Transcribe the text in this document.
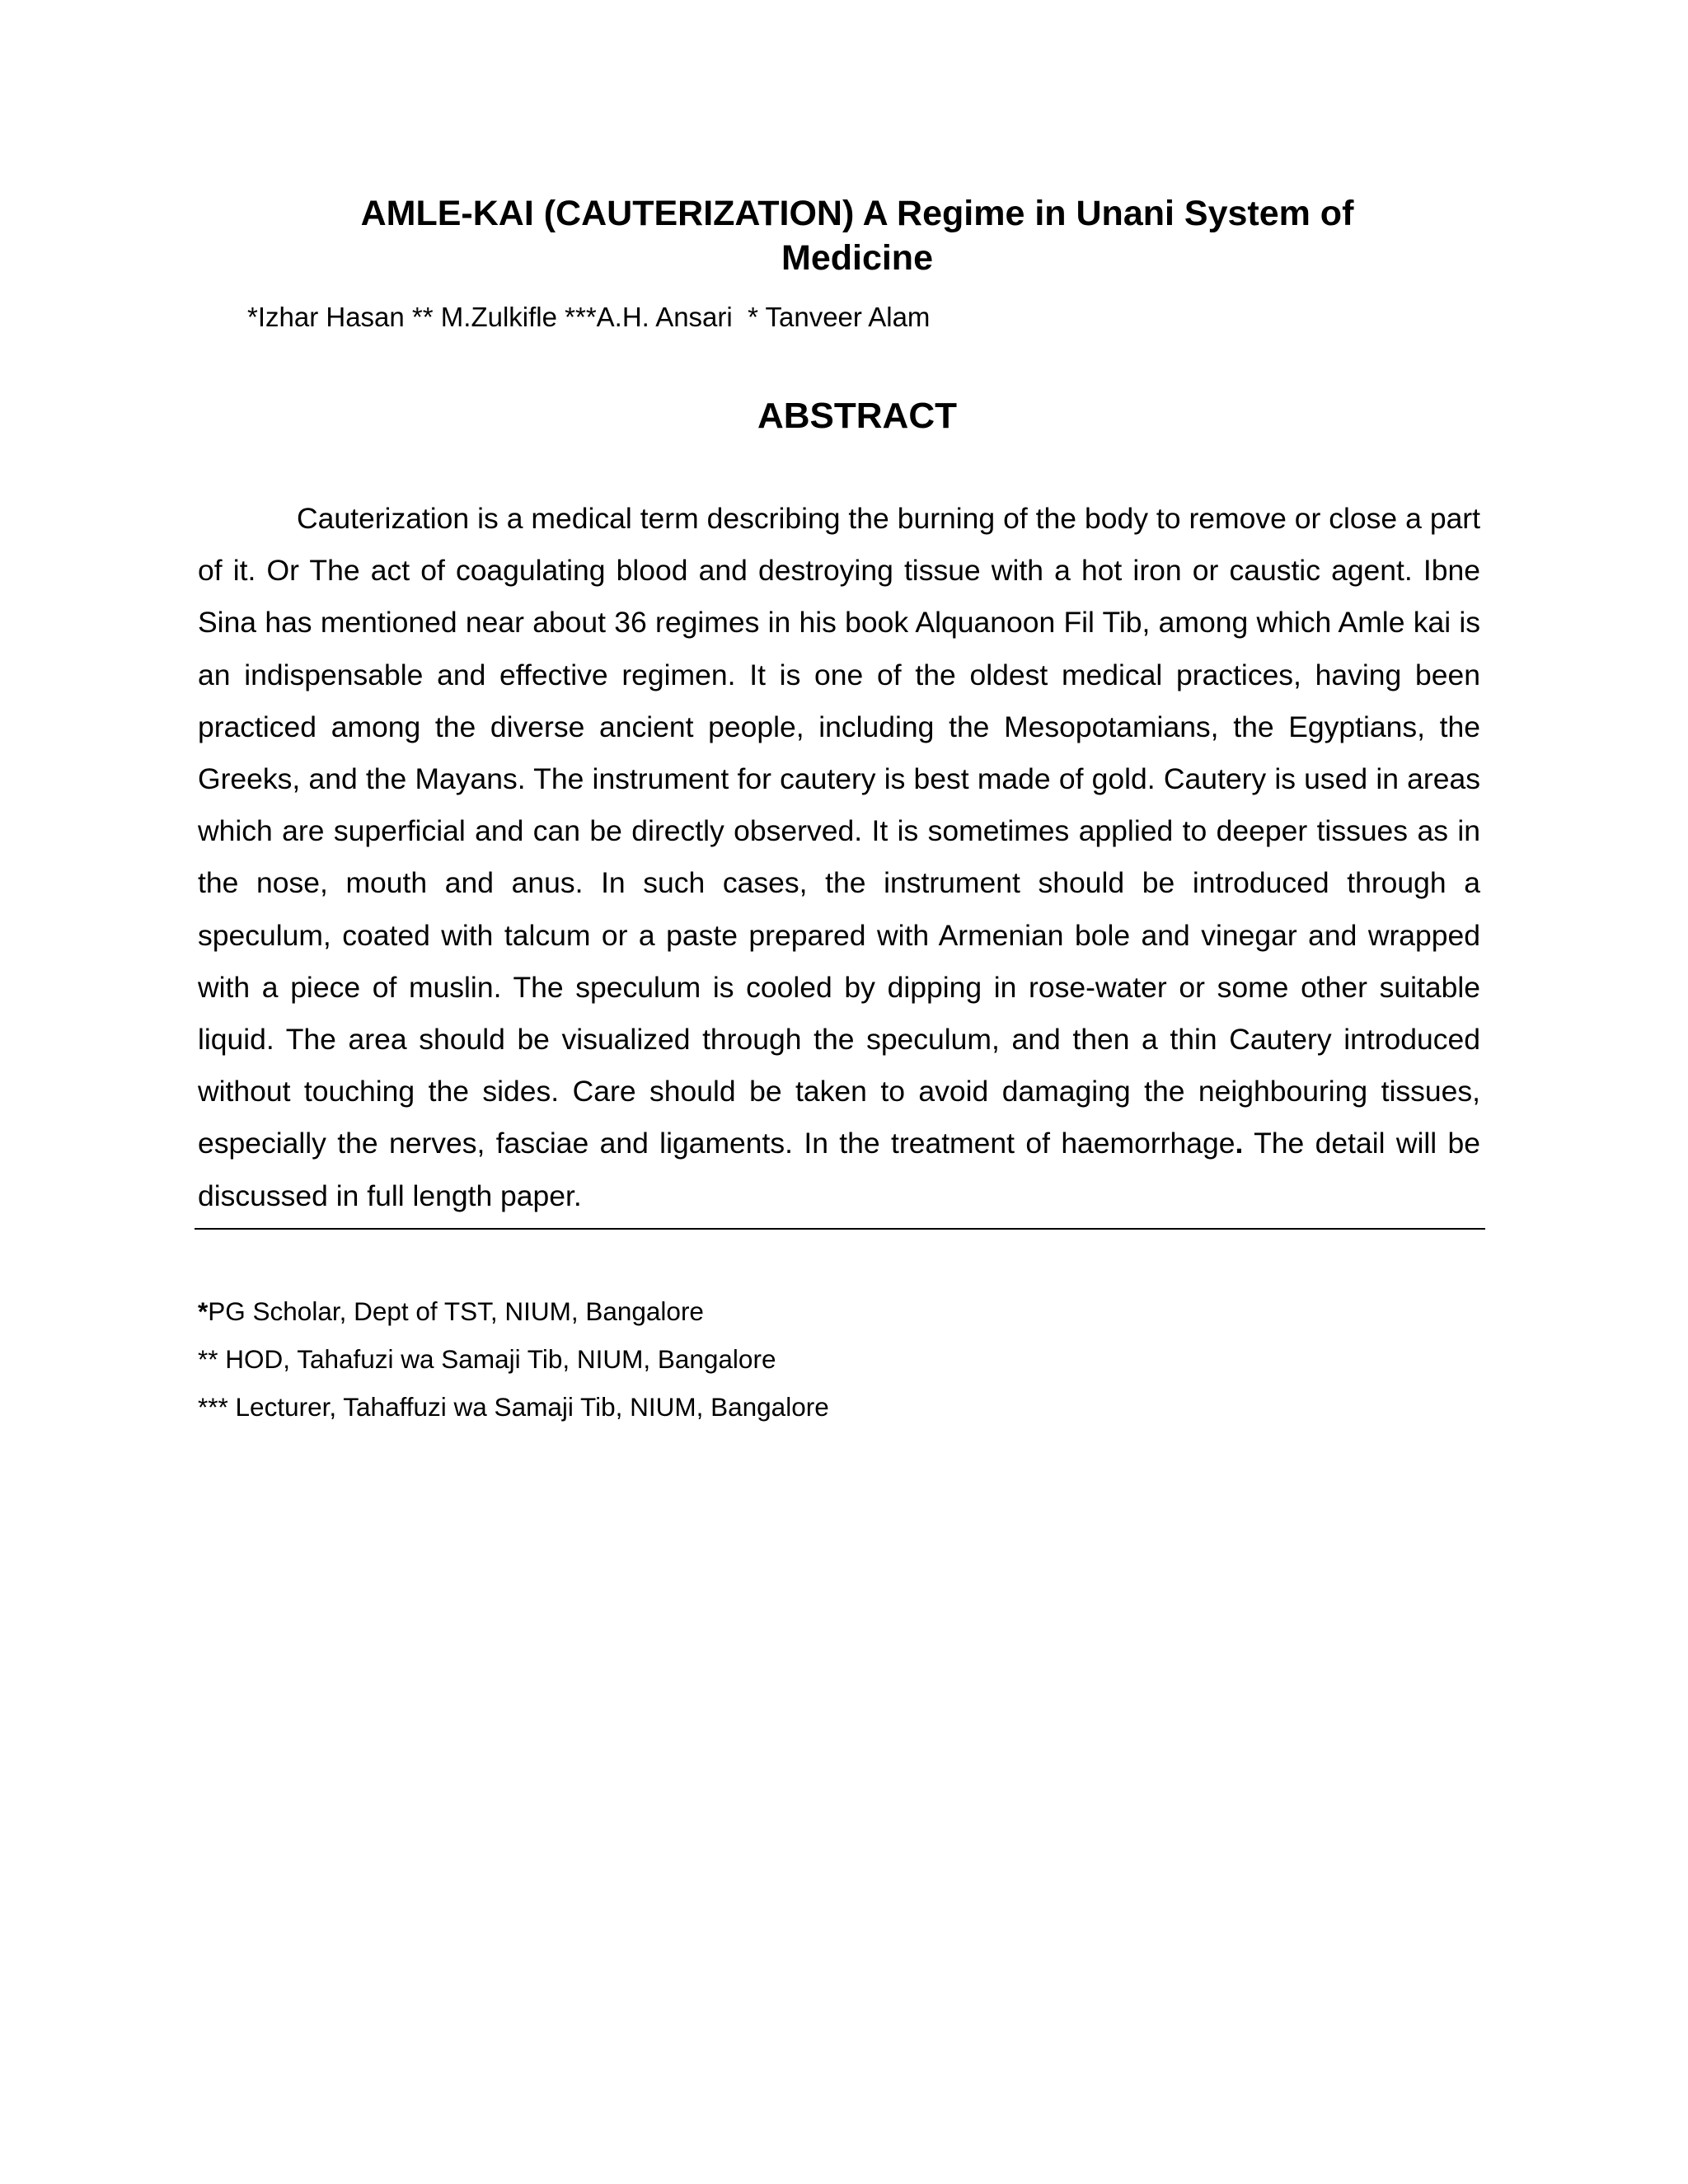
AMLE-KAI (CAUTERIZATION) A Regime in Unani System of
Medicine
*Izhar Hasan ** M.Zulkifle ***A.H. Ansari  * Tanveer Alam
ABSTRACT

Cauterization is a medical term describing the burning of the body to remove or close a part of it. Or The act of coagulating blood and destroying tissue with a hot iron or caustic agent. Ibne Sina has mentioned near about 36 regimes in his book Alquanoon Fil Tib, among which Amle kai is an indispensable and effective regimen. It is one of the oldest medical practices, having been practiced among the diverse ancient people, including the Mesopotamians, the Egyptians, the Greeks, and the Mayans. The instrument for cautery is best made of gold. Cautery is used in areas which are superficial and can be directly observed. It is sometimes applied to deeper tissues as in the nose, mouth and anus. In such cases, the instrument should be introduced through a speculum, coated with talcum or a paste prepared with Armenian bole and vinegar and wrapped with a piece of muslin. The speculum is cooled by dipping in rose-water or some other suitable liquid. The area should be visualized through the speculum, and then a thin Cautery introduced without touching the sides. Care should be taken to avoid damaging the neighbouring tissues, especially the nerves, fasciae and ligaments. In the treatment of haemorrhage. The detail will be discussed in full length paper.

*PG Scholar, Dept of TST, NIUM, Bangalore
** HOD, Tahafuzi wa Samaji Tib, NIUM, Bangalore
*** Lecturer, Tahaffuzi wa Samaji Tib, NIUM, Bangalore
